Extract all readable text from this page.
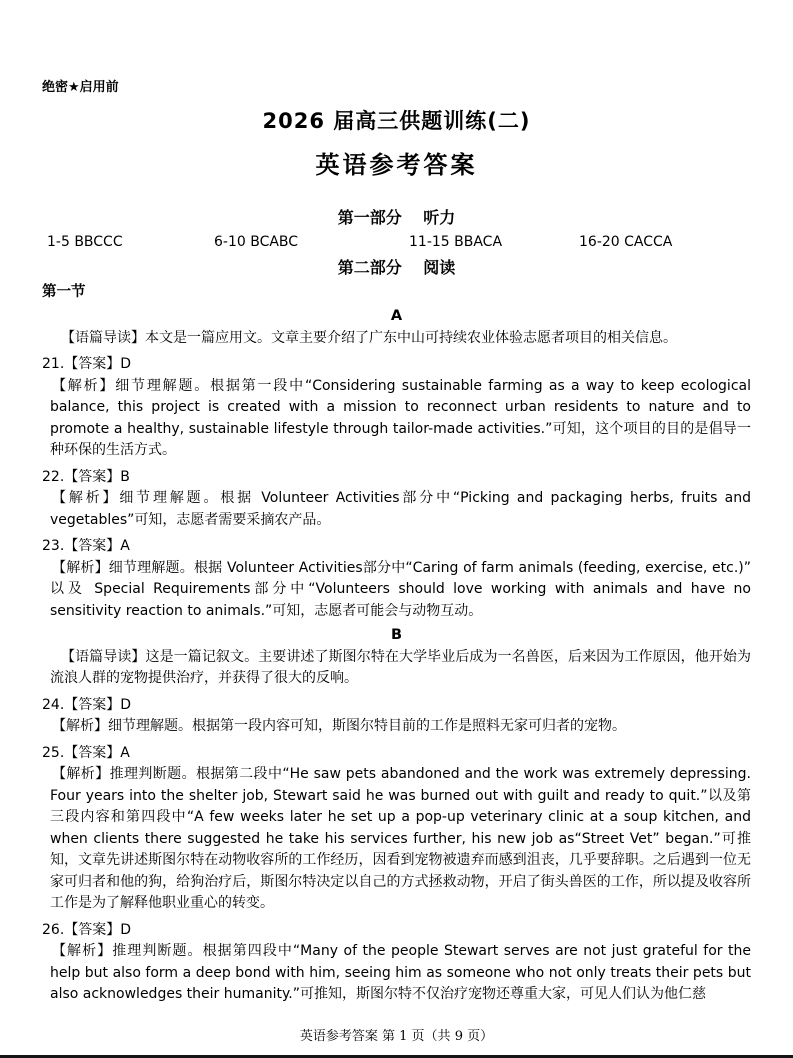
绝密★启用前
2026 届高三供题训练(二)
英语参考答案
第一部分　 听力
1-5 BBCCC	6-10 BCABC	11-15 BBACA	16-20 CACCA
第二部分　 阅读
第一节
A
【语篇导读】本文是一篇应用文。文章主要介绍了广东中山可持续农业体验志愿者项目的相关信息。
21.【答案】D
【解析】细节理解题。根据第一段中“Considering sustainable farming as a way to keep ecological balance, this project is created with a mission to reconnect urban residents to nature and to promote a healthy, sustainable lifestyle through tailor-made activities.”可知，这个项目的目的是倡导一种环保的生活方式。
22.【答案】B
【解析】细节理解题。根据 Volunteer Activities部分中“Picking and packaging herbs, fruits and vegetables”可知，志愿者需要采摘农产品。
23.【答案】A
【解析】细节理解题。根据 Volunteer Activities部分中“Caring of farm animals (feeding, exercise, etc.)”以及 Special Requirements部分中“Volunteers should love working with animals and have no sensitivity reaction to animals.”可知，志愿者可能会与动物互动。
B
【语篇导读】这是一篇记叙文。主要讲述了斯图尔特在大学毕业后成为一名兽医，后来因为工作原因，他开始为流浪人群的宠物提供治疗，并获得了很大的反响。
24.【答案】D
【解析】细节理解题。根据第一段内容可知，斯图尔特目前的工作是照料无家可归者的宠物。
25.【答案】A
【解析】推理判断题。根据第二段中“He saw pets abandoned and the work was extremely depressing. Four years into the shelter job, Stewart said he was burned out with guilt and ready to quit.”以及第三段内容和第四段中“A few weeks later he set up a pop-up veterinary clinic at a soup kitchen, and when clients there suggested he take his services further, his new job as“Street Vet” began.”可推知，文章先讲述斯图尔特在动物收容所的工作经历，因看到宠物被遗弃而感到沮丧，几乎要辞职。之后遇到一位无家可归者和他的狗，给狗治疗后，斯图尔特决定以自己的方式拯救动物，开启了街头兽医的工作，所以提及收容所工作是为了解释他职业重心的转变。
26.【答案】D
【解析】推理判断题。根据第四段中“Many of the people Stewart serves are not just grateful for the help but also form a deep bond with him, seeing him as someone who not only treats their pets but also acknowledges their humanity.”可推知，斯图尔特不仅治疗宠物还尊重大家，可见人们认为他仁慈
英语参考答案 第 1 页（共 9 页）
